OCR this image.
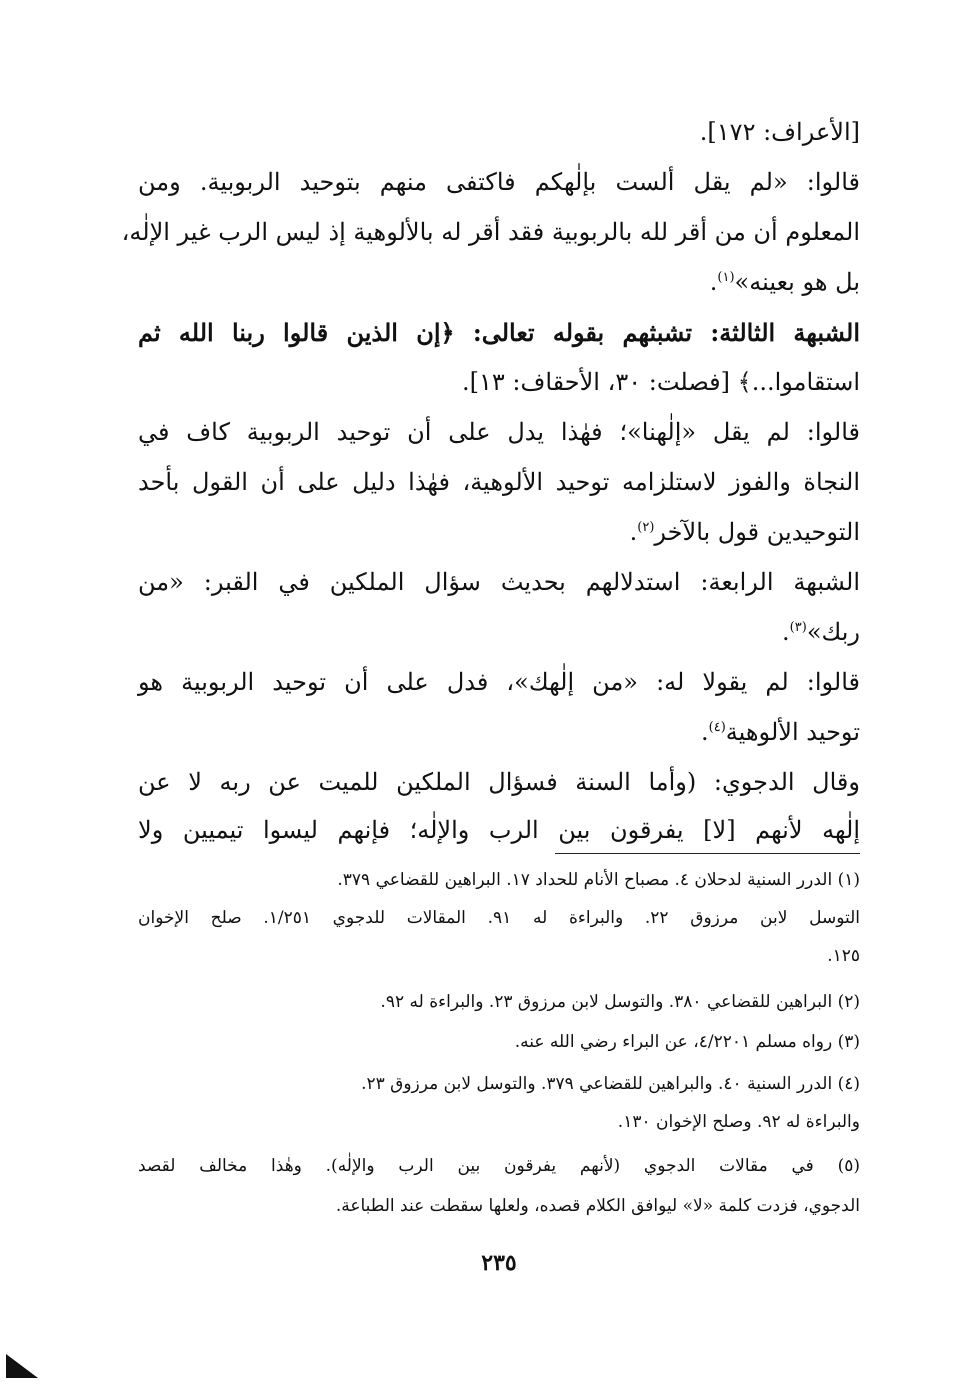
[الأعراف: ١٧٢].
قالوا: «لم يقل ألست بإلٰهكم فاكتفى منهم بتوحيد الربوبية. ومن
المعلوم أن من أقر لله بالربوبية فقد أقر له بالألوهية إذ ليس الرب غير الإلٰه،
بل هو بعينه»$^{(١)}$.
الشبهة الثالثة: تشبثهم بقوله تعالى: ﴿إن الذين قالوا ربنا الله ثم
استقاموا...﴾ [فصلت: ٣٠، الأحقاف: ١٣].
قالوا: لم يقل «إلٰهنا»؛ فهٰذا يدل على أن توحيد الربوبية كاف في
النجاة والفوز لاستلزامه توحيد الألوهية، فهٰذا دليل على أن القول بأحد
التوحيدين قول بالآخر$^{(٢)}$.
الشبهة الرابعة: استدلالهم بحديث سؤال الملكين في القبر: «من
ربك»$^{(٣)}$.
قالوا: لم يقولا له: «من إلٰهك»، فدل على أن توحيد الربوبية هو
توحيد الألوهية$^{(٤)}$.
وقال الدجوي: (وأما السنة فسؤال الملكين للميت عن ربه لا عن
إلٰهه لأنهم [لا] يفرقون بين الرب والإلٰه؛ فإنهم ليسوا تيميين ولا
(١) الدرر السنية لدحلان ٤. مصباح الأنام للحداد ١٧. البراهين للقضاعي ٣٧٩.
التوسل لابن مرزوق ٢٢. والبراءة له ٩١. المقالات للدجوي ١/٢٥١. صلح الإخوان
١٢٥.
(٢) البراهين للقضاعي ٣٨٠. والتوسل لابن مرزوق ٢٣. والبراءة له ٩٢.
(٣) رواه مسلم ٤/٢٢٠١، عن البراء رضي الله عنه.
(٤) الدرر السنية ٤٠. والبراهين للقضاعي ٣٧٩. والتوسل لابن مرزوق ٢٣.
والبراءة له ٩٢. وصلح الإخوان ١٣٠.
(٥) في مقالات الدجوي (لأنهم يفرقون بين الرب والإلٰه). وهٰذا مخالف لقصد
الدجوي، فزدت كلمة «لا» ليوافق الكلام قصده، ولعلها سقطت عند الطباعة.
٢٣٥
